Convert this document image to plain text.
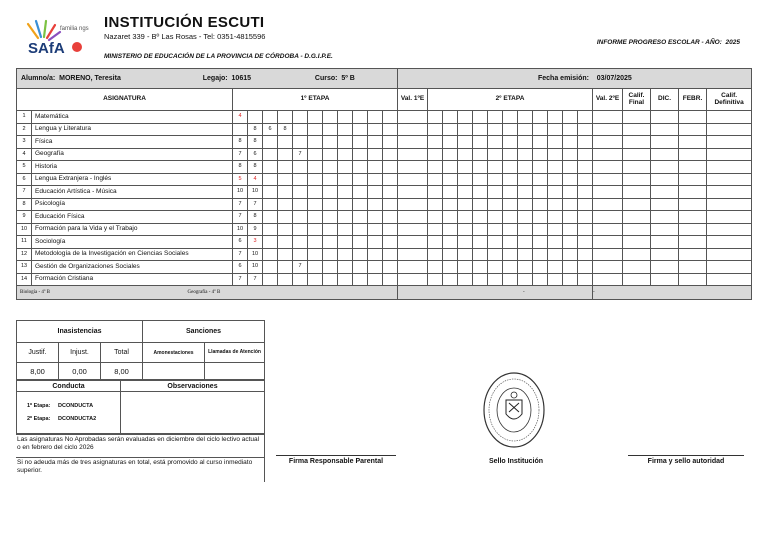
SAfA
familia ngs INSTITUCIÓN ESCUTI
Nazaret 339 - Bº Las Rosas - Tel: 0351-4815596
MINISTERIO DE EDUCACIÓN DE LA PROVINCIA DE CÓRDOBA - D.G.I.P.E.
INFORME PROGRESO ESCOLAR - AÑO: 2025
Alumno/a: MORENO, Teresita Legajo: 10615 Curso: 5º B													Fecha emisión: 03/07/2025																
ASIGNATURA		1º ETAPA											Val. 1ºE	2º ETAPA											Val. 2ºE	Calif. Final	DIC.	FEBR.	Calif. Definitiva
1	Matemática	4																											
2	Lengua y Literatura		8	6	8																								
3	Física	8	8																										
4	Geografía	7	6			7																							
5	Historia	8	8																										
6	Lengua Extranjera - Inglés	5	4																										
7	Educación Artística - Música	10	10																										
8	Psicología	7	7																										
9	Educación Física	7	8																										
10	Formación para la Vida y el Trabajo	10	9																										
11	Sociología	6	3																										
12	Metodología de la Investigación en Ciencias Sociales	7	10																										
13	Gestión de Organizaciones Sociales	6	10			7																							
14	Formación Cristiana	7	7																										
Biología - 4º B Geografía - 4º B													-												-				
Inasistencias			Sanciones	
Justif.	Injust.	Total	Amonestaciones	Llamadas de Atención
8,00	0,00	8,00		
Conducta	Observaciones

1º Etapa: DCONDUCTA
2º Etapa: DCONDUCTA2	

Las asignaturas No Aprobadas serán evaluadas en diciembre del ciclo lectivo actual o en febrero del ciclo 2026
Si no adeuda más de tres asignaturas en total, está promovido al curso inmediato superior.
Firma Responsable Parental	Sello Institución	Firma y sello autoridad
